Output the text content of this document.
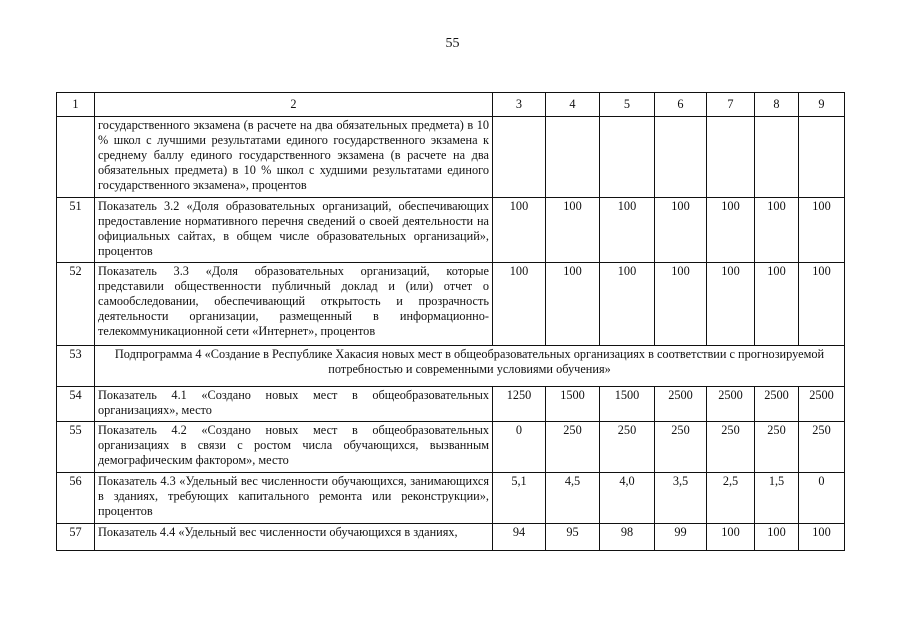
55
1	2	3	4	5	6	7	8	9
	государственного экзамена (в расчете на два обязательных предмета) в 10 % школ с лучшими результатами единого государственного экзамена к среднему баллу единого государственного экзамена (в расчете на два обязательных предмета) в 10 % школ с худшими результатами единого государственного экзамена», процентов							
51	Показатель 3.2 «Доля образовательных организаций, обеспечивающих предоставление нормативного перечня сведений о своей деятельности на официальных сайтах, в общем числе образовательных организаций», процентов	100	100	100	100	100	100	100
52	Показатель 3.3 «Доля образовательных организаций, которые представили общественности публичный доклад и (или) отчет о самообследовании, обеспечивающий открытость и прозрачность деятельности организации, размещенный в информационно-телекоммуникационной сети «Интернет», процентов	100	100	100	100	100	100	100
53	Подпрограмма 4 «Создание в Республике Хакасия новых мест в общеобразовательных организациях в соответствии с прогнозируемой потребностью и современными условиями обучения»							
54	Показатель 4.1 «Создано новых мест в общеобразовательных организациях», место	1250	1500	1500	2500	2500	2500	2500
55	Показатель 4.2 «Создано новых мест в общеобразовательных организациях в связи с ростом числа обучающихся, вызванным демографическим фактором», место	0	250	250	250	250	250	250
56	Показатель 4.3 «Удельный вес численности обучающихся, занимающихся в зданиях, требующих капитального ремонта или реконструкции», процентов	5,1	4,5	4,0	3,5	2,5	1,5	0
57	Показатель 4.4 «Удельный вес численности обучающихся в зданиях,	94	95	98	99	100	100	100
